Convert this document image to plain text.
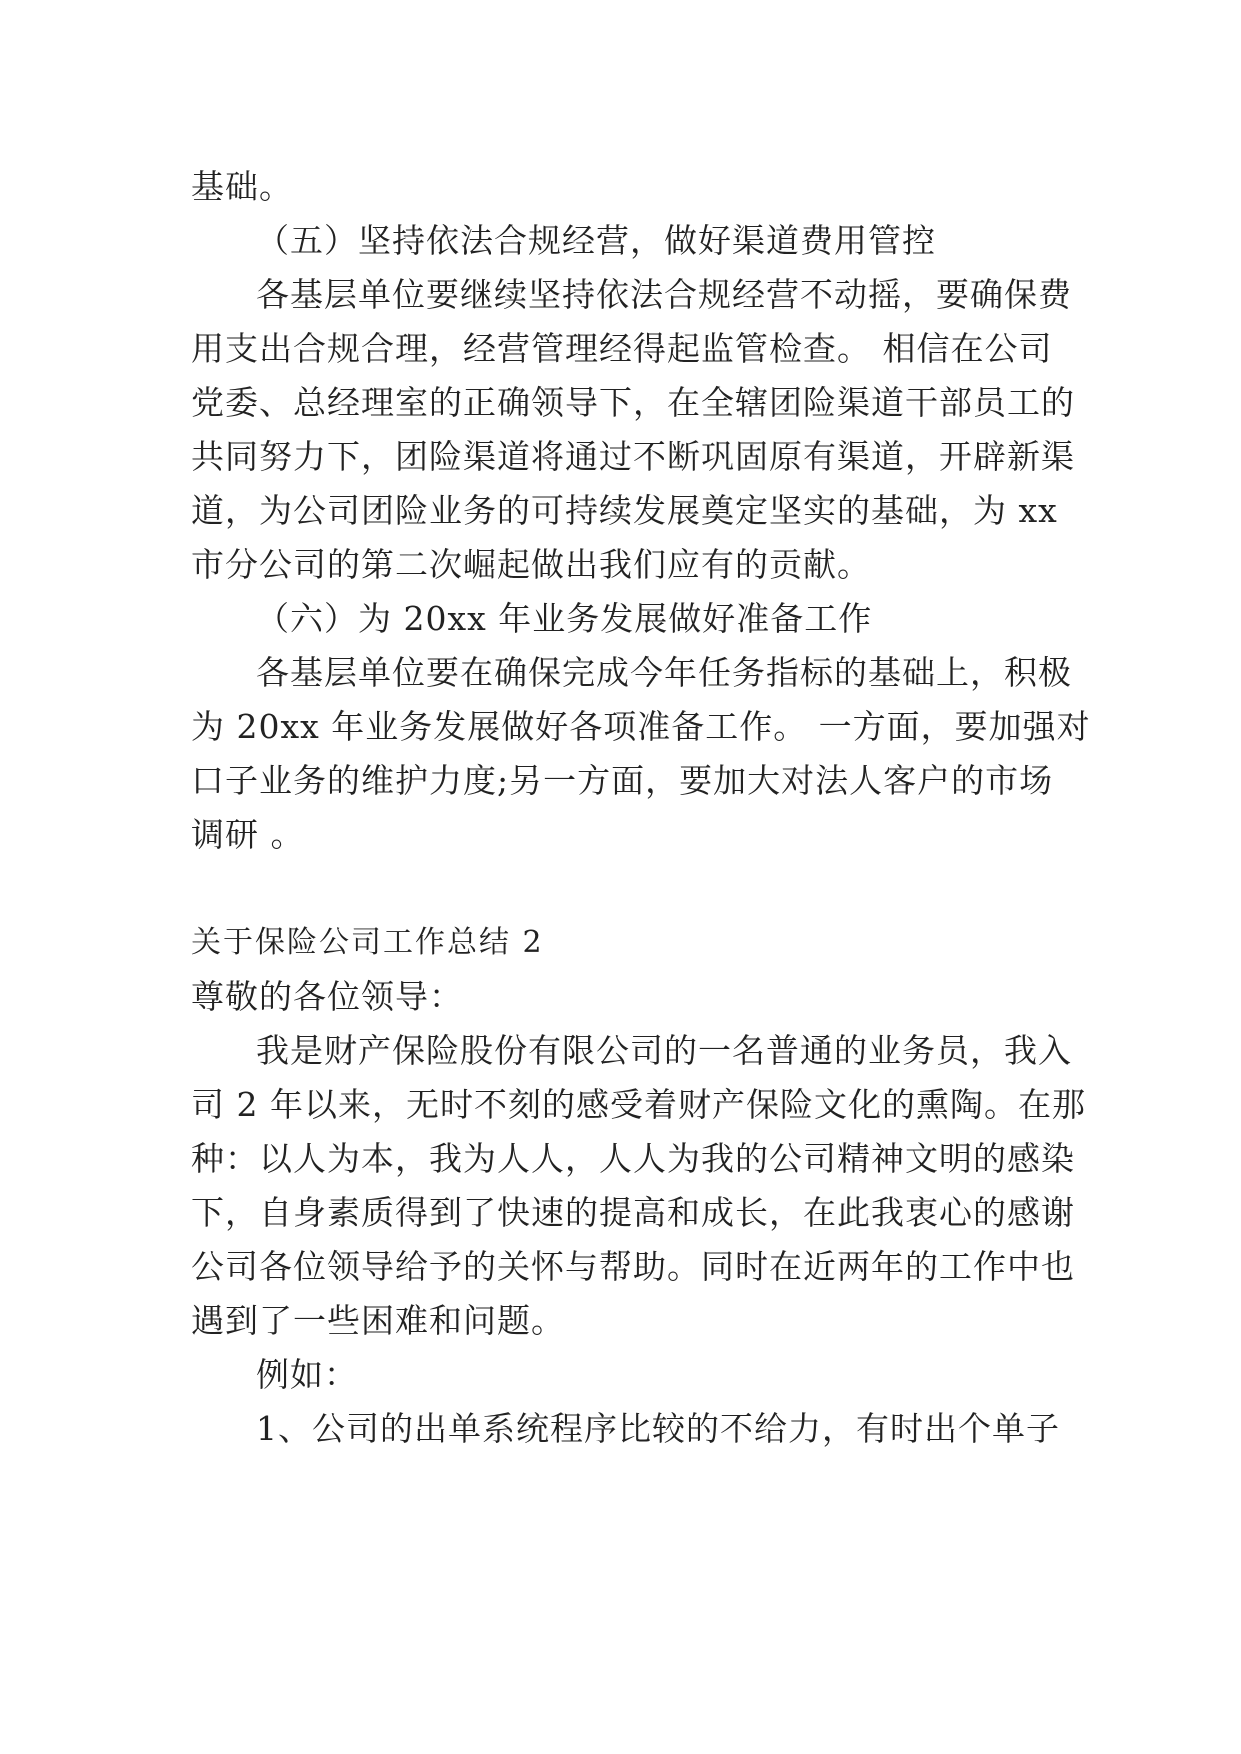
基础。
（五）坚持依法合规经营，做好渠道费用管控
各基层单位要继续坚持依法合规经营不动摇，要确保费
用支出合规合理，经营管理经得起监管检查。 相信在公司
党委、总经理室的正确领导下，在全辖团险渠道干部员工的
共同努力下，团险渠道将通过不断巩固原有渠道，开辟新渠
道，为公司团险业务的可持续发展奠定坚实的基础，为 xx
市分公司的第二次崛起做出我们应有的贡献。
（六）为 20xx 年业务发展做好准备工作
各基层单位要在确保完成今年任务指标的基础上，积极
为 20xx 年业务发展做好各项准备工作。 一方面，要加强对
口子业务的维护力度;另一方面，要加大对法人客户的市场
调研 。
关于保险公司工作总结 2
尊敬的各位领导：
我是财产保险股份有限公司的一名普通的业务员，我入
司 2 年以来，无时不刻的感受着财产保险文化的熏陶。在那
种：以人为本，我为人人，人人为我的公司精神文明的感染
下，自身素质得到了快速的提高和成长，在此我衷心的感谢
公司各位领导给予的关怀与帮助。同时在近两年的工作中也
遇到了一些困难和问题。
例如：
1、公司的出单系统程序比较的不给力，有时出个单子
